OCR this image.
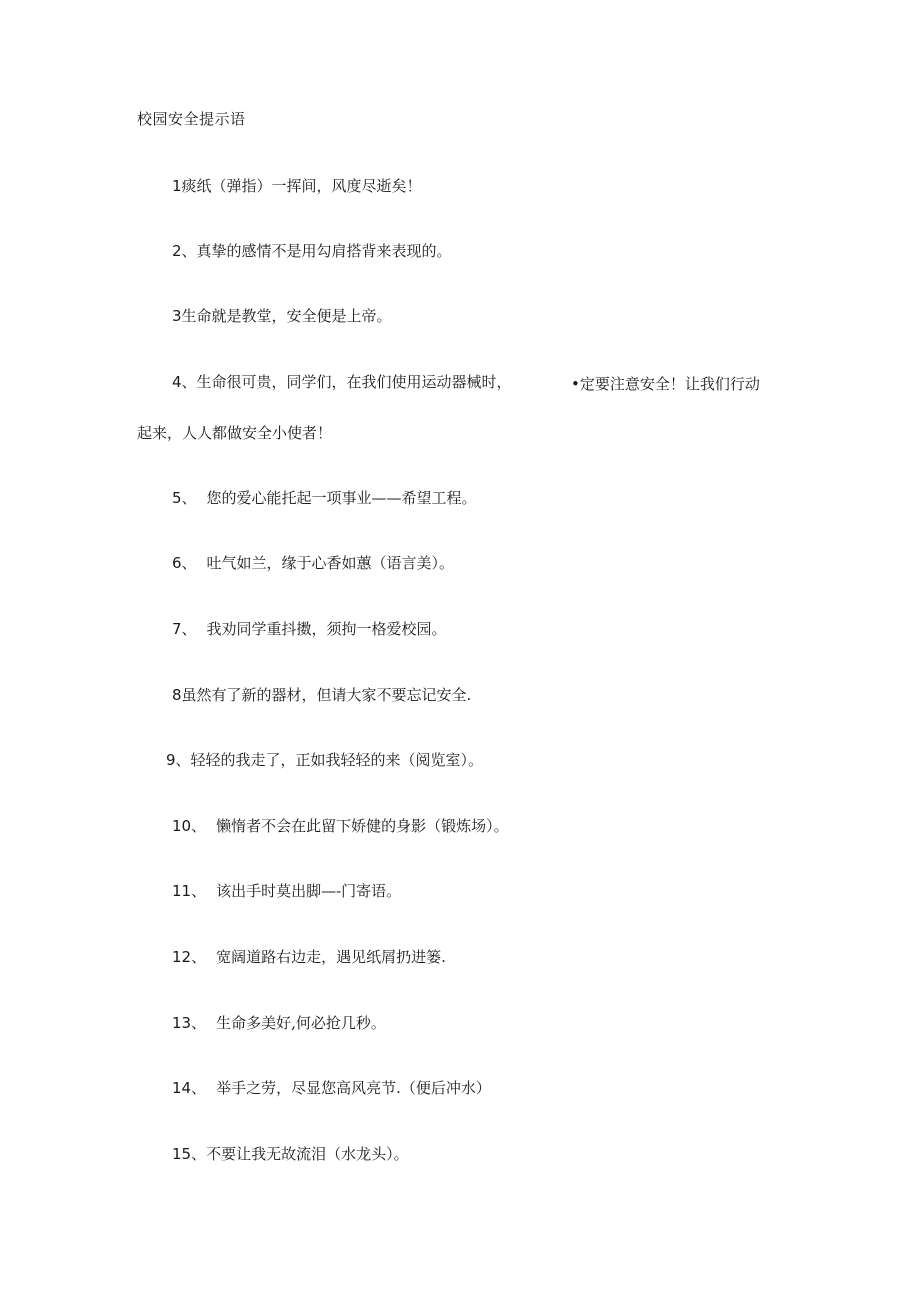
校园安全提示语
1痰纸（弹指）一挥间，风度尽逝矣！
2、真挚的感情不是用勾肩搭背来表现的。
3生命就是教堂，安全便是上帝。
4、生命很可贵，同学们，在我们使用运动器械时，	•定要注意安全！让我们行动
起来，人人都做安全小使者！
5、 您的爱心能托起一项事业——希望工程。
6、 吐气如兰，缘于心香如蕙（语言美）。
7、 我劝同学重抖擞，须拘一格爱校园。
8虽然有了新的器材，但请大家不要忘记安全.
9、轻轻的我走了，正如我轻轻的来（阅览室）。
10、 懒惰者不会在此留下娇健的身影（锻炼场）。
11、 该出手时莫出脚—-门寄语。
12、 宽阔道路右边走，遇见纸屑扔进篓.
13、 生命多美好,何必抢几秒。
14、 举手之劳，尽显您高风亮节.（便后冲水）
15、不要让我无故流泪（水龙头）。
